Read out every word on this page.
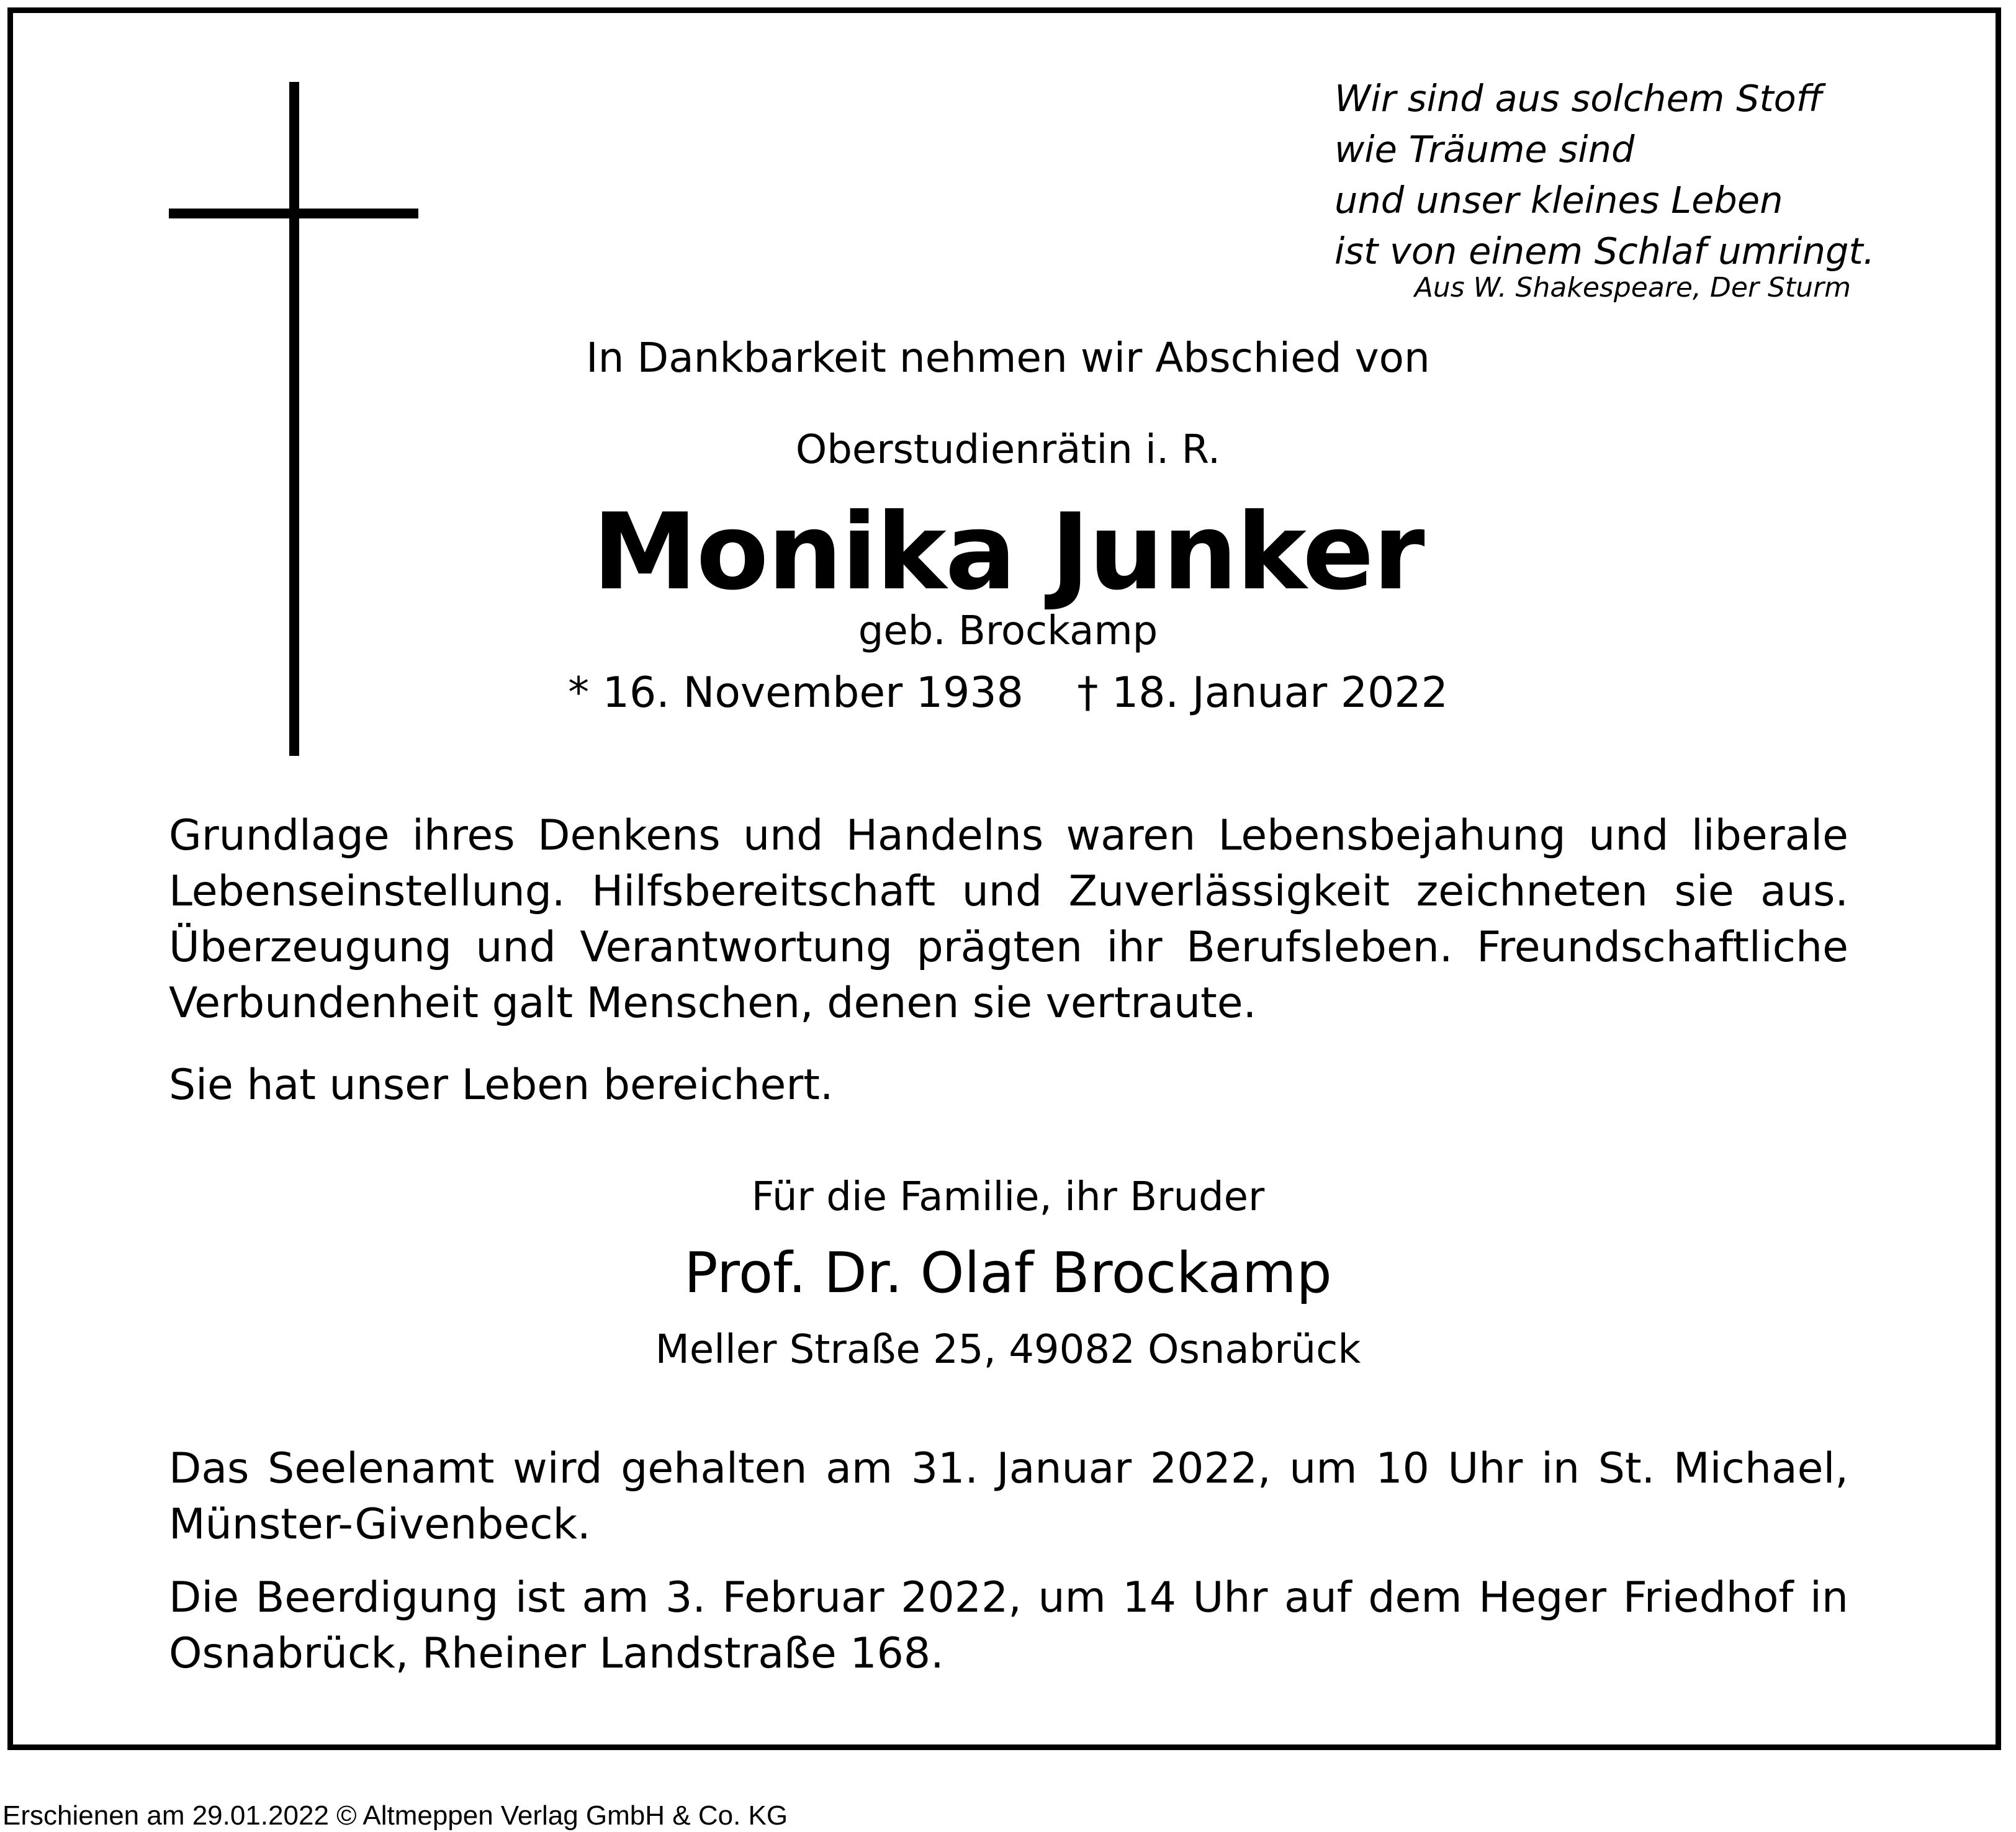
Wir sind aus solchem Stoff
wie Träume sind
und unser kleines Leben
ist von einem Schlaf umringt.
Aus W. Shakespeare, Der Sturm
In Dankbarkeit nehmen wir Abschied von
Oberstudienrätin i. R.
Monika Junker
geb. Brockamp
* 16. November 1938    † 18. Januar 2022
Grundlage ihres Denkens und Handelns waren Lebensbejahung und liberale Lebenseinstellung. Hilfsbereitschaft und Zuverlässigkeit zeichneten sie aus. Überzeugung und Verantwortung prägten ihr Berufsleben. Freundschaftliche Verbundenheit galt Menschen, denen sie vertraute.
Sie hat unser Leben bereichert.
Für die Familie, ihr Bruder
Prof. Dr. Olaf Brockamp
Meller Straße 25, 49082 Osnabrück
Das Seelenamt wird gehalten am 31. Januar 2022, um 10 Uhr in St. Michael, Münster-Givenbeck.
Die Beerdigung ist am 3. Februar 2022, um 14 Uhr auf dem Heger Friedhof in Osnabrück, Rheiner Landstraße 168.
Erschienen am 29.01.2022 © Altmeppen Verlag GmbH & Co. KG
